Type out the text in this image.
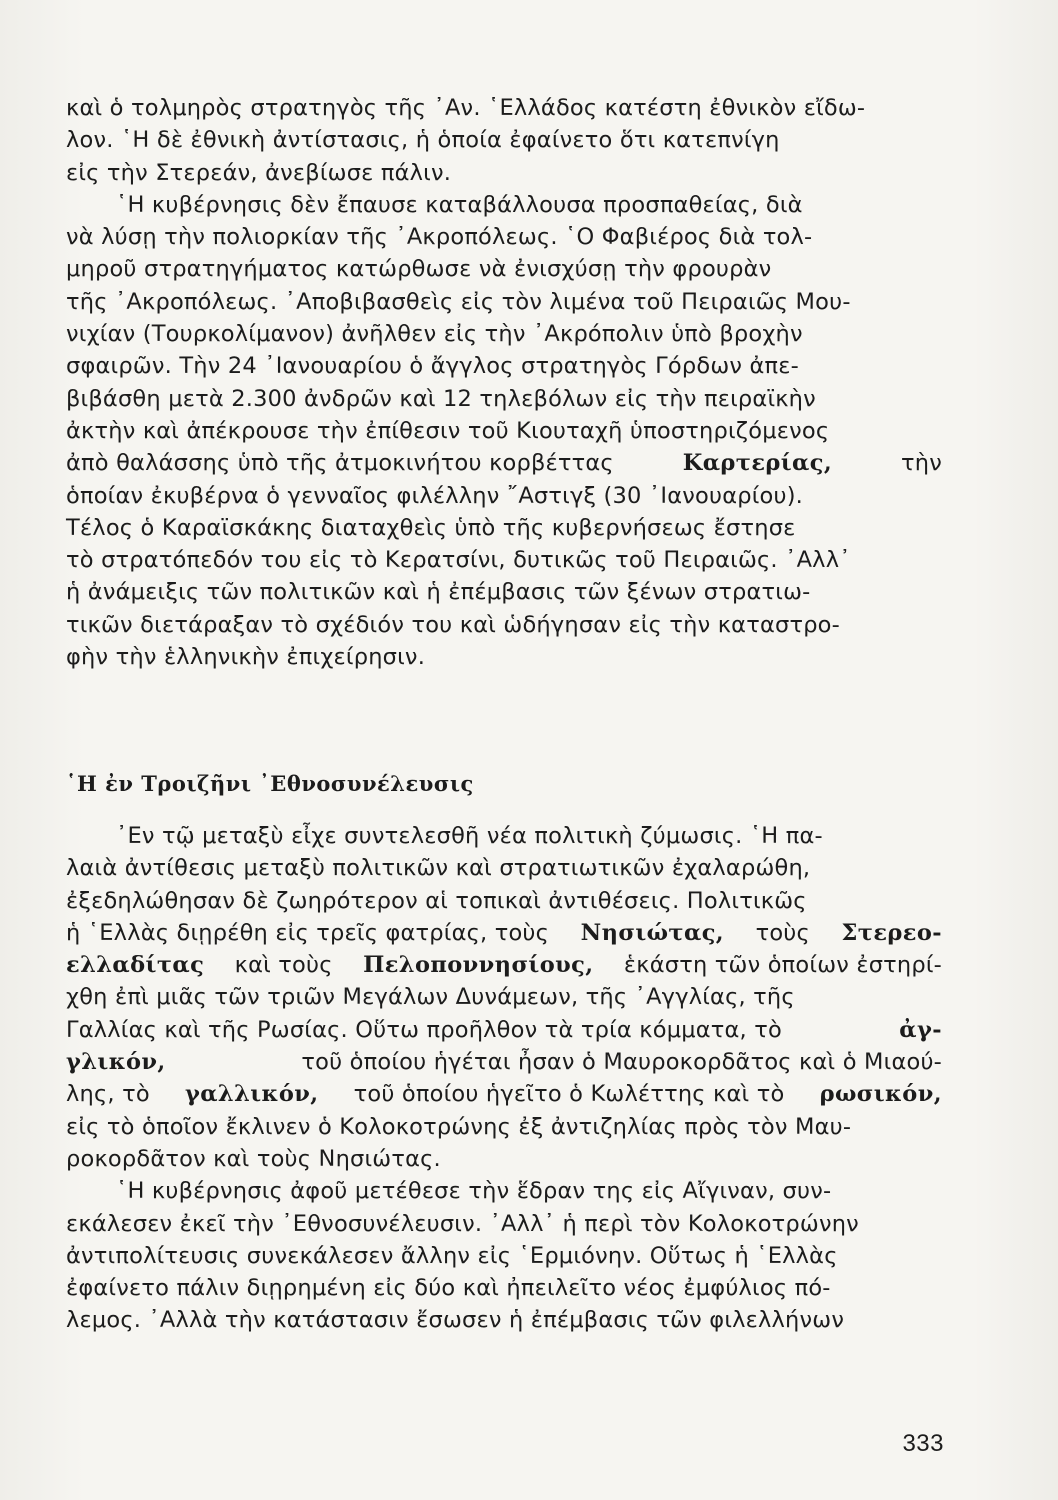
καὶ ὁ τολμηρὸς στρατηγὸς τῆς ᾿Αν. ῾Ελλάδος κατέστη ἐθνικὸν εἴδω-
λον. ῾Η δὲ ἐθνικὴ ἀντίστασις, ἡ ὁποία ἐφαίνετο ὅτι κατεπνίγη
εἰς τὴν Στερεάν, ἀνεβίωσε πάλιν.
῾Η κυβέρνησις δὲν ἔπαυσε καταβάλλουσα προσπαθείας, διὰ
νὰ λύσῃ τὴν πολιορκίαν τῆς ᾿Ακροπόλεως. ῾Ο Φαβιέρος διὰ τολ-
μηροῦ στρατηγήματος κατώρθωσε νὰ ἐνισχύσῃ τὴν φρουρὰν
τῆς ᾿Ακροπόλεως. ᾿Αποβιβασθεὶς εἰς τὸν λιμένα τοῦ Πειραιῶς Μου-
νιχίαν (Τουρκολίμανον) ἀνῆλθεν εἰς τὴν ᾿Ακρόπολιν ὑπὸ βροχὴν
σφαιρῶν. Τὴν 24 ᾿Ιανουαρίου ὁ ἄγγλος στρατηγὸς Γόρδων ἀπε-
βιβάσθη μετὰ 2.300 ἀνδρῶν καὶ 12 τηλεβόλων εἰς τὴν πειραϊκὴν
ἀκτὴν καὶ ἀπέκρουσε τὴν ἐπίθεσιν τοῦ Κιουταχῆ ὑποστηριζόμενος
ἀπὸ θαλάσσης ὑπὸ τῆς ἀτμοκινήτου κορβέττας	Καρτερίας,	τὴν
ὁποίαν ἐκυβέρνα ὁ γενναῖος φιλέλλην ῎Αστιγξ (30 ᾿Ιανουαρίου).
Τέλος ὁ Καραϊσκάκης διαταχθεὶς ὑπὸ τῆς κυβερνήσεως ἔστησε
τὸ στρατόπεδόν του εἰς τὸ Κερατσίνι, δυτικῶς τοῦ Πειραιῶς. ᾿Αλλ᾿
ἡ ἀνάμειξις τῶν πολιτικῶν καὶ ἡ ἐπέμβασις τῶν ξένων στρατιω-
τικῶν διετάραξαν τὸ σχέδιόν του καὶ ὡδήγησαν εἰς τὴν καταστρο-
φὴν τὴν ἑλληνικὴν ἐπιχείρησιν.
῾Η ἐν Τροιζῆνι ᾿Εθνοσυνέλευσις
᾿Εν τῷ μεταξὺ εἶχε συντελεσθῆ νέα πολιτικὴ ζύμωσις. ῾Η πα-
λαιὰ ἀντίθεσις μεταξὺ πολιτικῶν καὶ στρατιωτικῶν ἐχαλαρώθη,
ἐξεδηλώθησαν δὲ ζωηρότερον αἱ τοπικαὶ ἀντιθέσεις. Πολιτικῶς
ἡ ῾Ελλὰς διῃρέθη εἰς τρεῖς φατρίας, τοὺς Νησιώτας, τοὺς Στερεο-
ελλαδίτας καὶ τοὺς Πελοποννησίους, ἑκάστη τῶν ὁποίων ἐστηρί-
χθη ἐπὶ μιᾶς τῶν τριῶν Μεγάλων Δυνάμεων, τῆς ᾿Αγγλίας, τῆς
Γαλλίας καὶ τῆς Ρωσίας. Οὕτω προῆλθον τὰ τρία κόμματα, τὸ	ἀγ-
γλικόν,	τοῦ ὁποίου ἡγέται ἦσαν ὁ Μαυροκορδᾶτος καὶ ὁ Μιαού-
λης, τὸ γαλλικόν, τοῦ ὁποίου ἡγεῖτο ὁ Κωλέττης καὶ τὸ ρωσικόν,
εἰς τὸ ὁποῖον ἔκλινεν ὁ Κολοκοτρώνης ἐξ ἀντιζηλίας πρὸς τὸν Μαυ-
ροκορδᾶτον καὶ τοὺς Νησιώτας.
῾Η κυβέρνησις ἀφοῦ μετέθεσε τὴν ἕδραν της εἰς Αἴγιναν, συν-
εκάλεσεν ἐκεῖ τὴν ᾿Εθνοσυνέλευσιν. ᾿Αλλ᾿ ἡ περὶ τὸν Κολοκοτρώνην
ἀντιπολίτευσις συνεκάλεσεν ἄλλην εἰς ῾Ερμιόνην. Οὕτως ἡ ῾Ελλὰς
ἐφαίνετο πάλιν διῃρημένη εἰς δύο καὶ ἠπειλεῖτο νέος ἐμφύλιος πό-
λεμος. ᾿Αλλὰ τὴν κατάστασιν ἔσωσεν ἡ ἐπέμβασις τῶν φιλελλήνων
333
